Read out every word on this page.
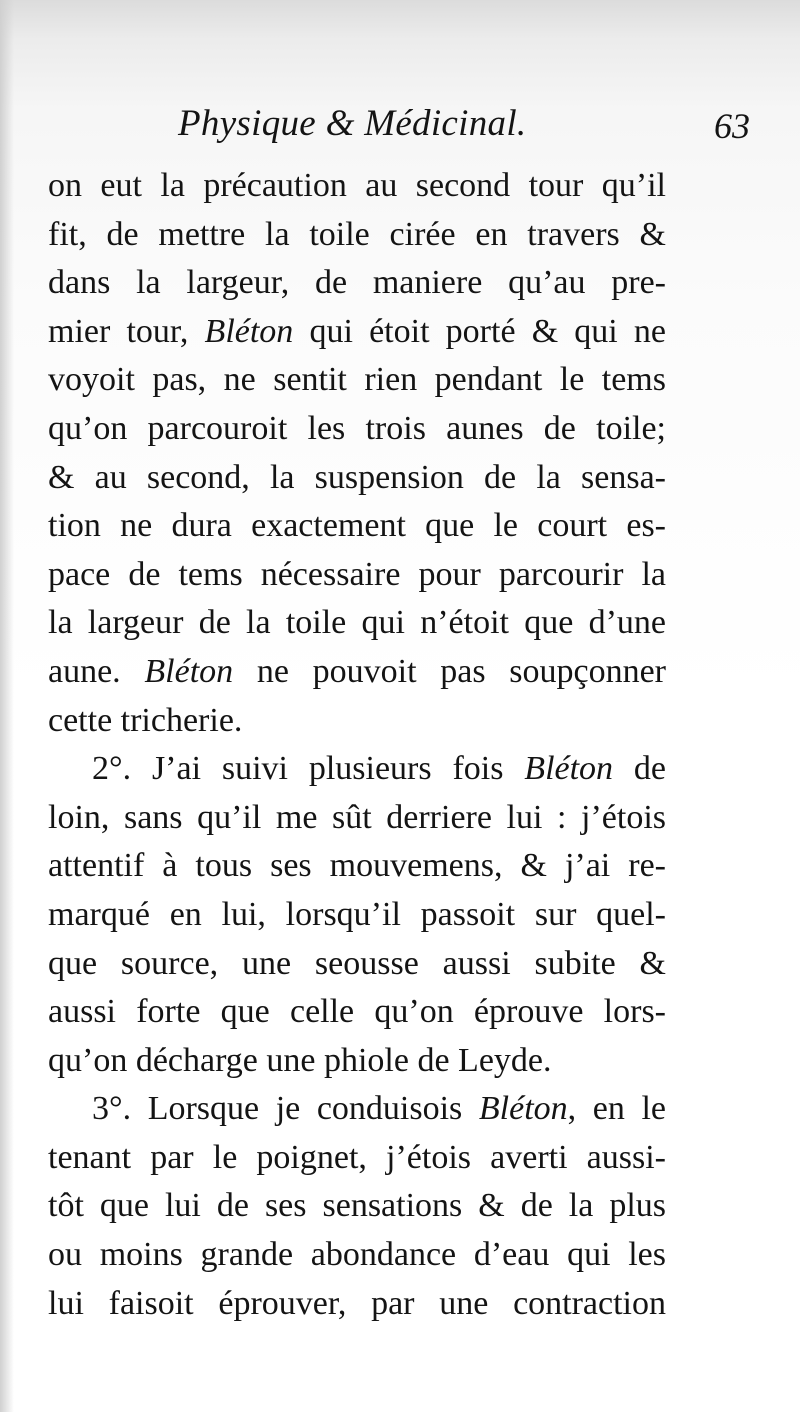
Physique & Médicinal.	63
on eut la précaution au second tour qu’il
fit, de mettre la toile cirée en travers &
dans la largeur, de maniere qu’au pre-
mier tour, Bléton qui étoit porté & qui ne
voyoit pas, ne sentit rien pendant le tems
qu’on parcouroit les trois aunes de toile;
& au second, la suspension de la sensa-
tion ne dura exactement que le court es-
pace de tems nécessaire pour parcourir la
la largeur de la toile qui n’étoit que d’une
aune. Bléton ne pouvoit pas soupçonner
cette tricherie.
2°. J’ai suivi plusieurs fois Bléton de
loin, sans qu’il me sût derriere lui : j’étois
attentif à tous ses mouvemens, & j’ai re-
marqué en lui, lorsqu’il passoit sur quel-
que source, une seousse aussi subite &
aussi forte que celle qu’on éprouve lors-
qu’on décharge une phiole de Leyde.
3°. Lorsque je conduisois Bléton, en le
tenant par le poignet, j’étois averti aussi-
tôt que lui de ses sensations & de la plus
ou moins grande abondance d’eau qui les
lui faisoit éprouver, par une contraction
